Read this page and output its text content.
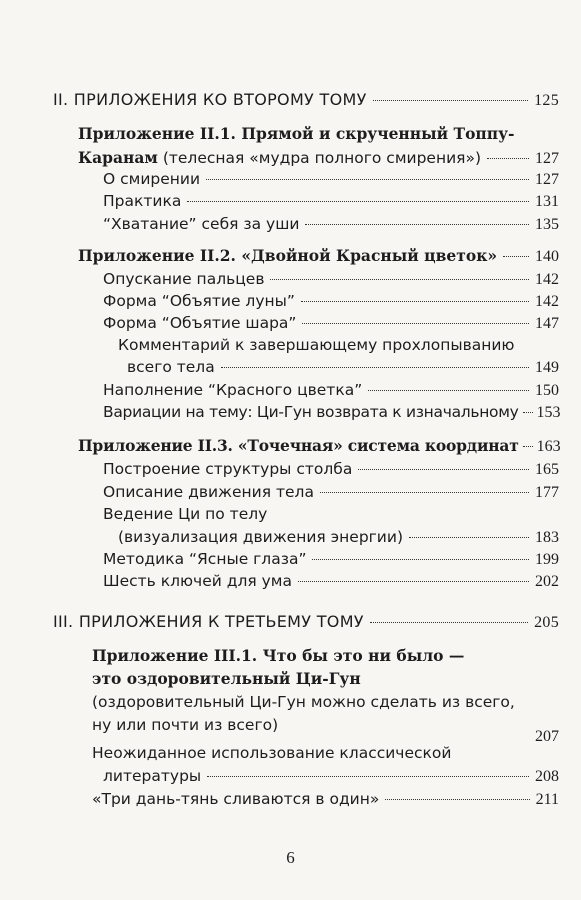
II. ПРИЛОЖЕНИЯ КО ВТОРОМУ ТОМУ	125
Приложение II.1. Прямой и скрученный Топпу-
Каранам (телесная «мудра полного смирения»)	127
О смирении	127
Практика	131
“Хватание” себя за уши	135
Приложение II.2. «Двойной Красный цветок» 140
Опускание пальцев	142
Форма “Объятие луны”	142
Форма “Объятие шара”	147
Комментарий к завершающему прохлопыванию
всего тела	149
Наполнение “Красного цветка”	150
Вариации на тему: Ци-Гун возврата к изначальному 153
Приложение II.3. «Точечная» система координат 163
Построение структуры столба	165
Описание движения тела	177
Ведение Ци по телу
(визуализация движения энергии)	183
Методика “Ясные глаза”	199
Шесть ключей для ума	202
III. ПРИЛОЖЕНИЯ К ТРЕТЬЕМУ ТОМУ	205
Приложение III.1. Что бы это ни было —
это оздоровительный Ци-Гун
(оздоровительный Ци-Гун можно сделать из всего,
ну или почти из всего)
207
Неожиданное использование классической
литературы	208
«Три дань-тянь сливаются в один»	211
6
